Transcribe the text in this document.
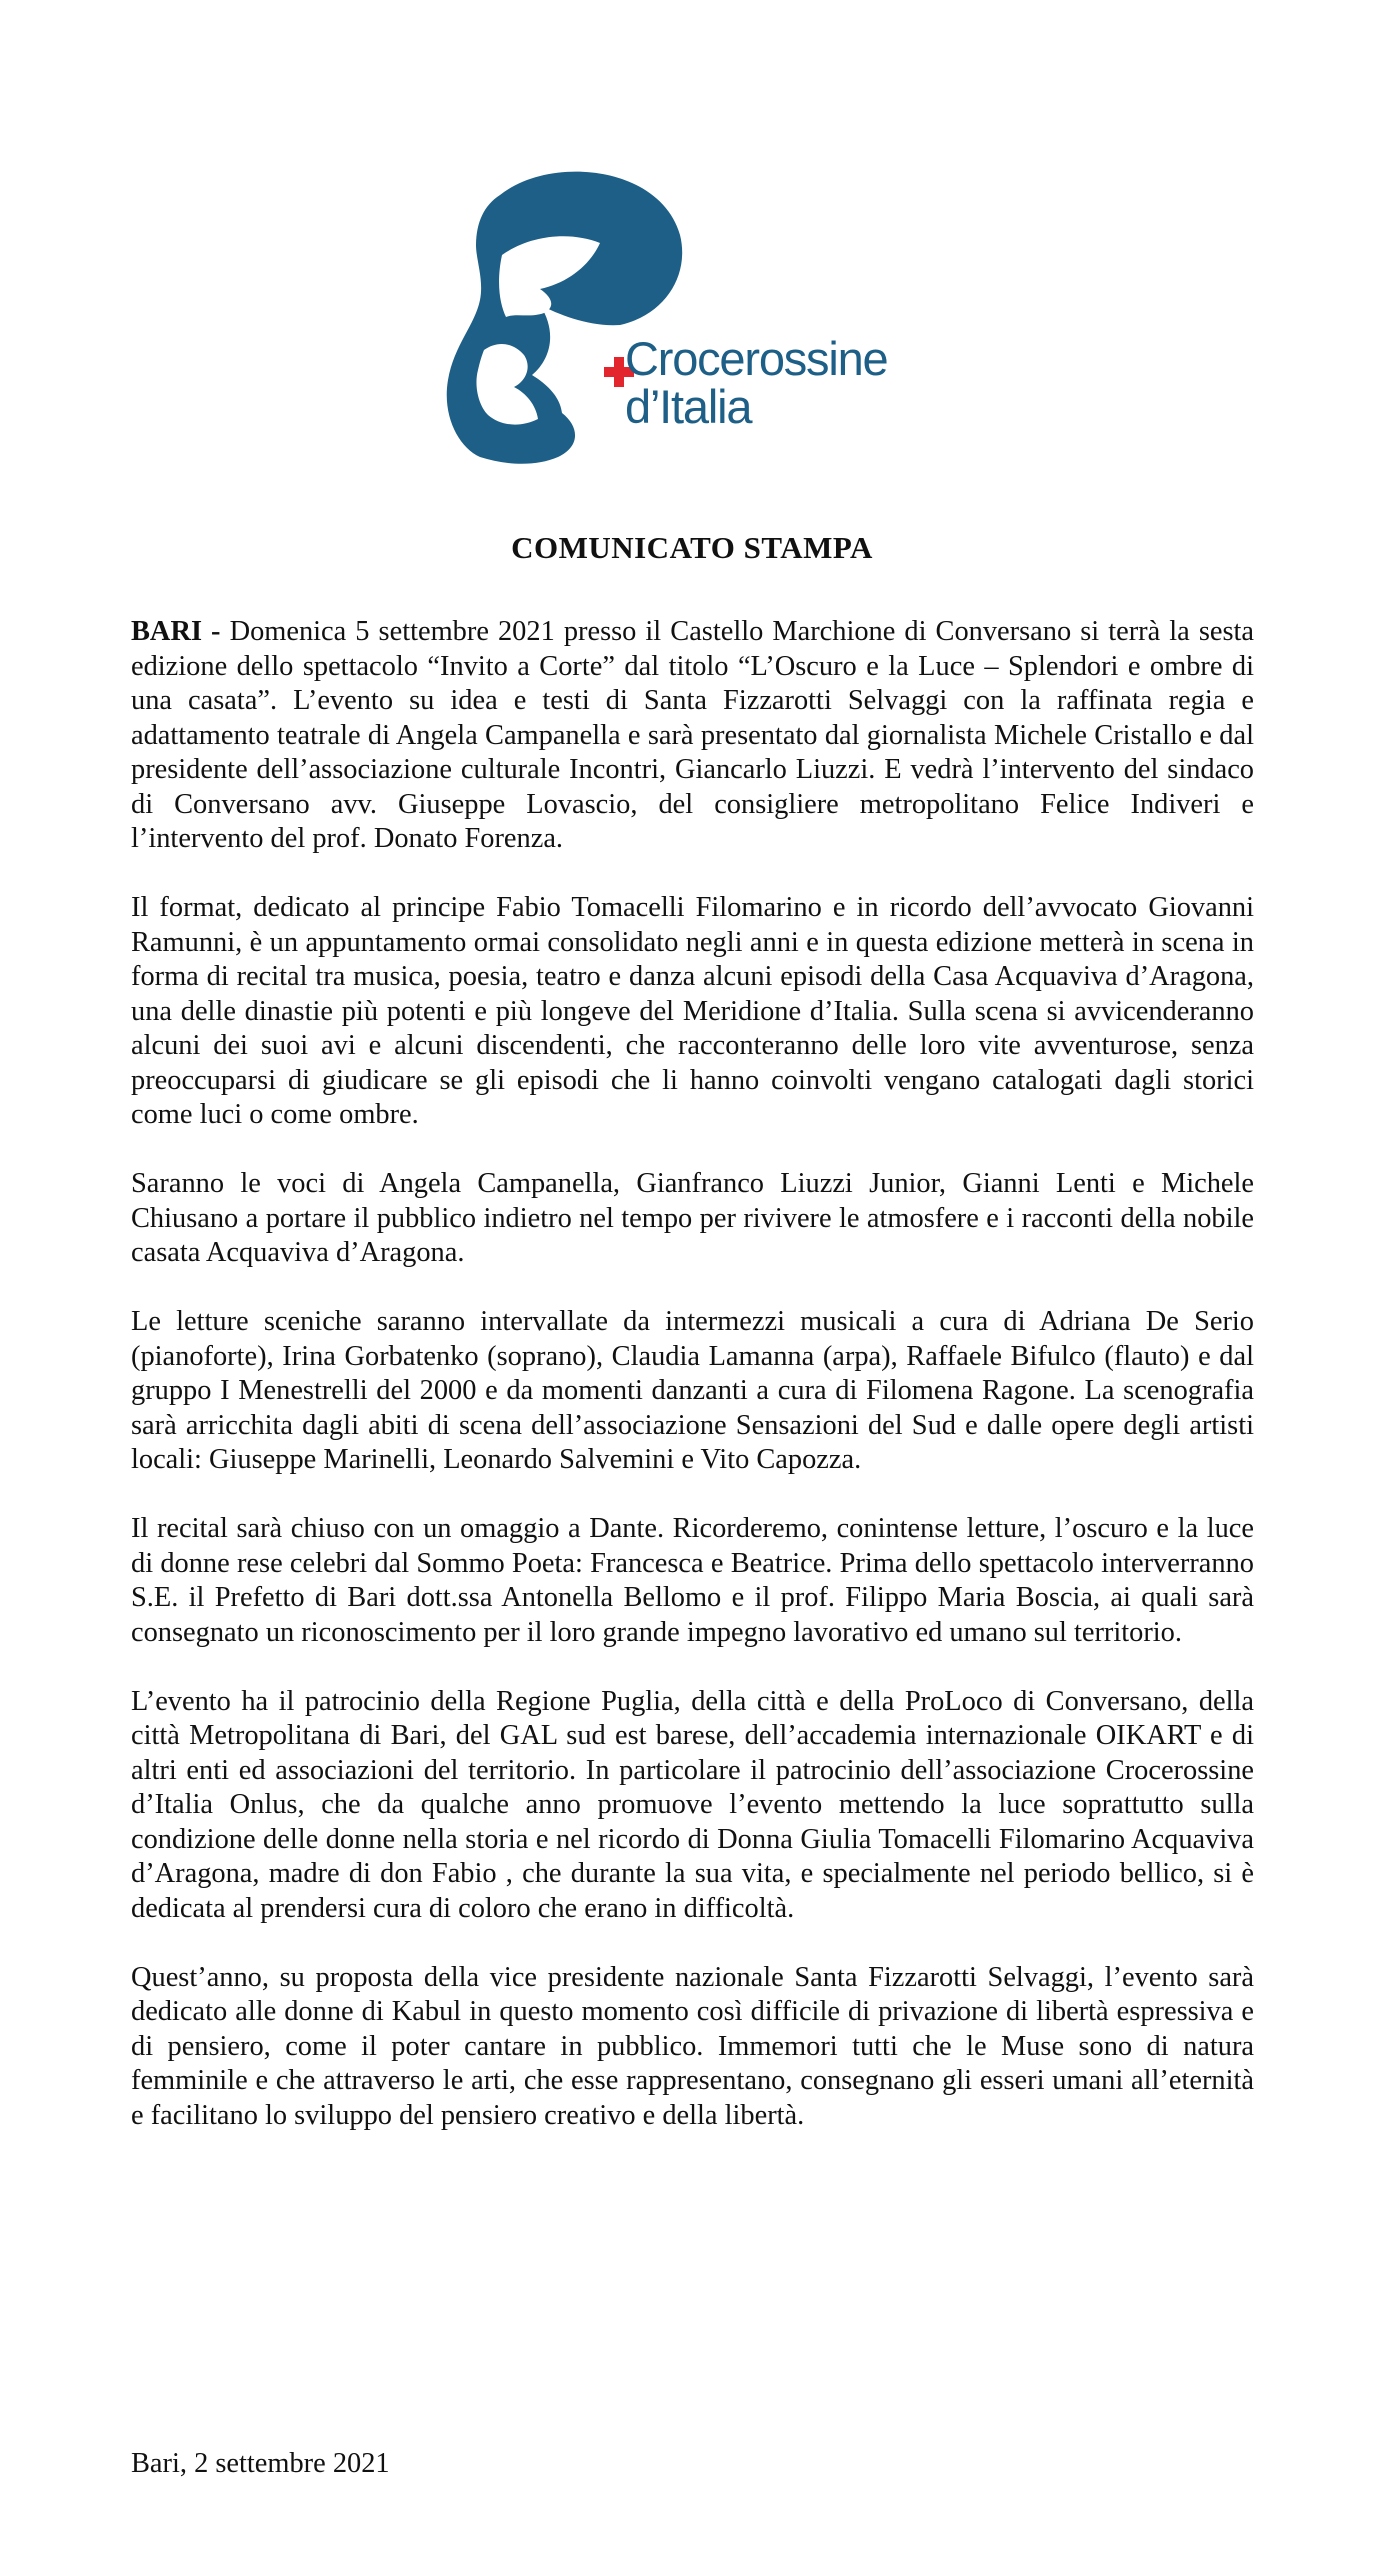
Crocerossine
d’Italia
COMUNICATO STAMPA

BARI - Domenica 5 settembre 2021 presso il Castello Marchione di Conversano si terrà la sesta edizione dello spettacolo “Invito a Corte” dal titolo “L’Oscuro e la Luce – Splendori e ombre di una casata”. L’evento su idea e testi di Santa Fizzarotti Selvaggi con la raffinata regia e adattamento teatrale di Angela Campanella e sarà presentato dal giornalista Michele Cristallo e dal presidente dell’associazione culturale Incontri, Giancarlo Liuzzi. E vedrà l’intervento del sindaco di Conversano avv. Giuseppe Lovascio, del consigliere metropolitano Felice Indiveri e l’intervento del prof. Donato Forenza.

Il format, dedicato al principe Fabio Tomacelli Filomarino e in ricordo dell’avvocato Giovanni Ramunni, è un appuntamento ormai consolidato negli anni e in questa edizione metterà in scena in forma di recital tra musica, poesia, teatro e danza alcuni episodi della Casa Acquaviva d’Aragona, una delle dinastie più potenti e più longeve del Meridione d’Italia. Sulla scena si avvicenderanno alcuni dei suoi avi e alcuni discendenti, che racconteranno delle loro vite avventurose, senza preoccuparsi di giudicare se gli episodi che li hanno coinvolti vengano catalogati dagli storici come luci o come ombre.

Saranno le voci di Angela Campanella, Gianfranco Liuzzi Junior, Gianni Lenti e Michele Chiusano a portare il pubblico indietro nel tempo per rivivere le atmosfere e i racconti della nobile casata Acquaviva d’Aragona.

Le letture sceniche saranno intervallate da intermezzi musicali a cura di Adriana De Serio (pianoforte), Irina Gorbatenko (soprano), Claudia Lamanna (arpa), Raffaele Bifulco (flauto) e dal gruppo I Menestrelli del 2000 e da momenti danzanti a cura di Filomena Ragone. La scenografia sarà arricchita dagli abiti di scena dell’associazione Sensazioni del Sud e dalle opere degli artisti locali: Giuseppe Marinelli, Leonardo Salvemini e Vito Capozza.

Il recital sarà chiuso con un omaggio a Dante. Ricorderemo, conintense letture, l’oscuro e la luce di donne rese celebri dal Sommo Poeta: Francesca e Beatrice. Prima dello spettacolo interverranno S.E. il Prefetto di Bari dott.ssa Antonella Bellomo e il prof. Filippo Maria Boscia, ai quali sarà consegnato un riconoscimento per il loro grande impegno lavorativo ed umano sul territorio.

L’evento ha il patrocinio della Regione Puglia, della città e della ProLoco di Conversano, della città Metropolitana di Bari, del GAL sud est barese, dell’accademia internazionale OIKART e di altri enti ed associazioni del territorio. In particolare il patrocinio dell’associazione Crocerossine d’Italia Onlus, che da qualche anno promuove l’evento mettendo la luce soprattutto sulla condizione delle donne nella storia e nel ricordo di Donna Giulia Tomacelli Filomarino Acquaviva d’Aragona, madre di don Fabio , che durante la sua vita, e specialmente nel periodo bellico, si è dedicata al prendersi cura di coloro che erano in difficoltà.

Quest’anno, su proposta della vice presidente nazionale Santa Fizzarotti Selvaggi, l’evento sarà dedicato alle donne di Kabul in questo momento così difficile di privazione di libertà espressiva e di pensiero, come il poter cantare in pubblico. Immemori tutti che le Muse sono di natura femminile e che attraverso le arti, che esse rappresentano, consegnano gli esseri umani all’eternità e facilitano lo sviluppo del pensiero creativo e della libertà.

Bari, 2 settembre 2021
